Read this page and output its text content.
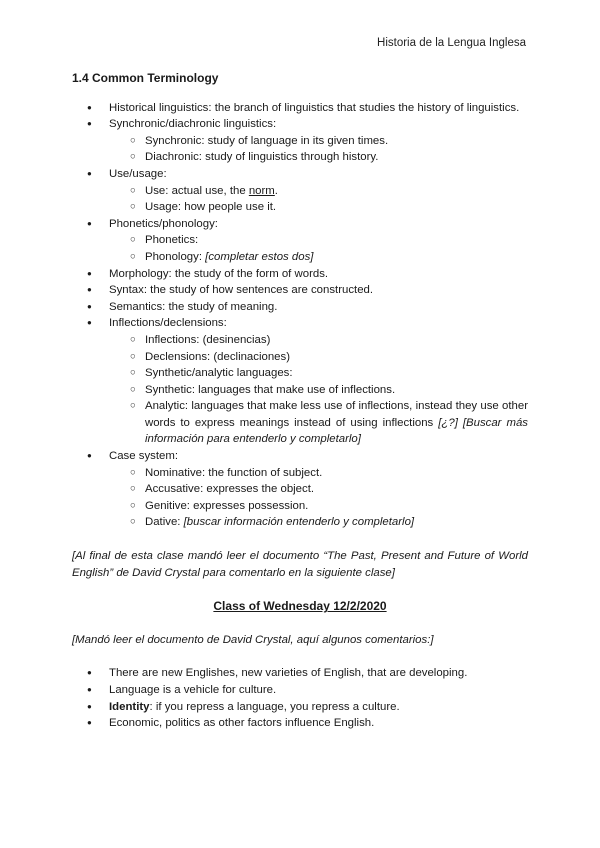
Historia de la Lengua Inglesa
1.4 Common Terminology
● Historical linguistics: the branch of linguistics that studies the history of linguistics.
● Synchronic/diachronic linguistics:
○ Synchronic: study of language in its given times.
○ Diachronic: study of linguistics through history.
● Use/usage:
○ Use: actual use, the norm.
○ Usage: how people use it.
● Phonetics/phonology:
○ Phonetics:
○ Phonology: [completar estos dos]
● Morphology: the study of the form of words.
● Syntax: the study of how sentences are constructed.
● Semantics: the study of meaning.
● Inflections/declensions:
○ Inflections: (desinencias)
○ Declensions: (declinaciones)
○ Synthetic/analytic languages:
○ Synthetic: languages that make use of inflections.
○ Analytic: languages that make less use of inflections, instead they use other words to express meanings instead of using inflections [¿?] [Buscar más información para entenderlo y completarlo]
● Case system:
○ Nominative: the function of subject.
○ Accusative: expresses the object.
○ Genitive: expresses possession.
○ Dative: [buscar información entenderlo y completarlo]
[Al final de esta clase mandó leer el documento “The Past, Present and Future of World English” de David Crystal para comentarlo en la siguiente clase]
Class of Wednesday 12/2/2020
[Mandó leer el documento de David Crystal, aquí algunos comentarios:]
● There are new Englishes, new varieties of English, that are developing.
● Language is a vehicle for culture.
● Identity: if you repress a language, you repress a culture.
● Economic, politics as other factors influence English.
